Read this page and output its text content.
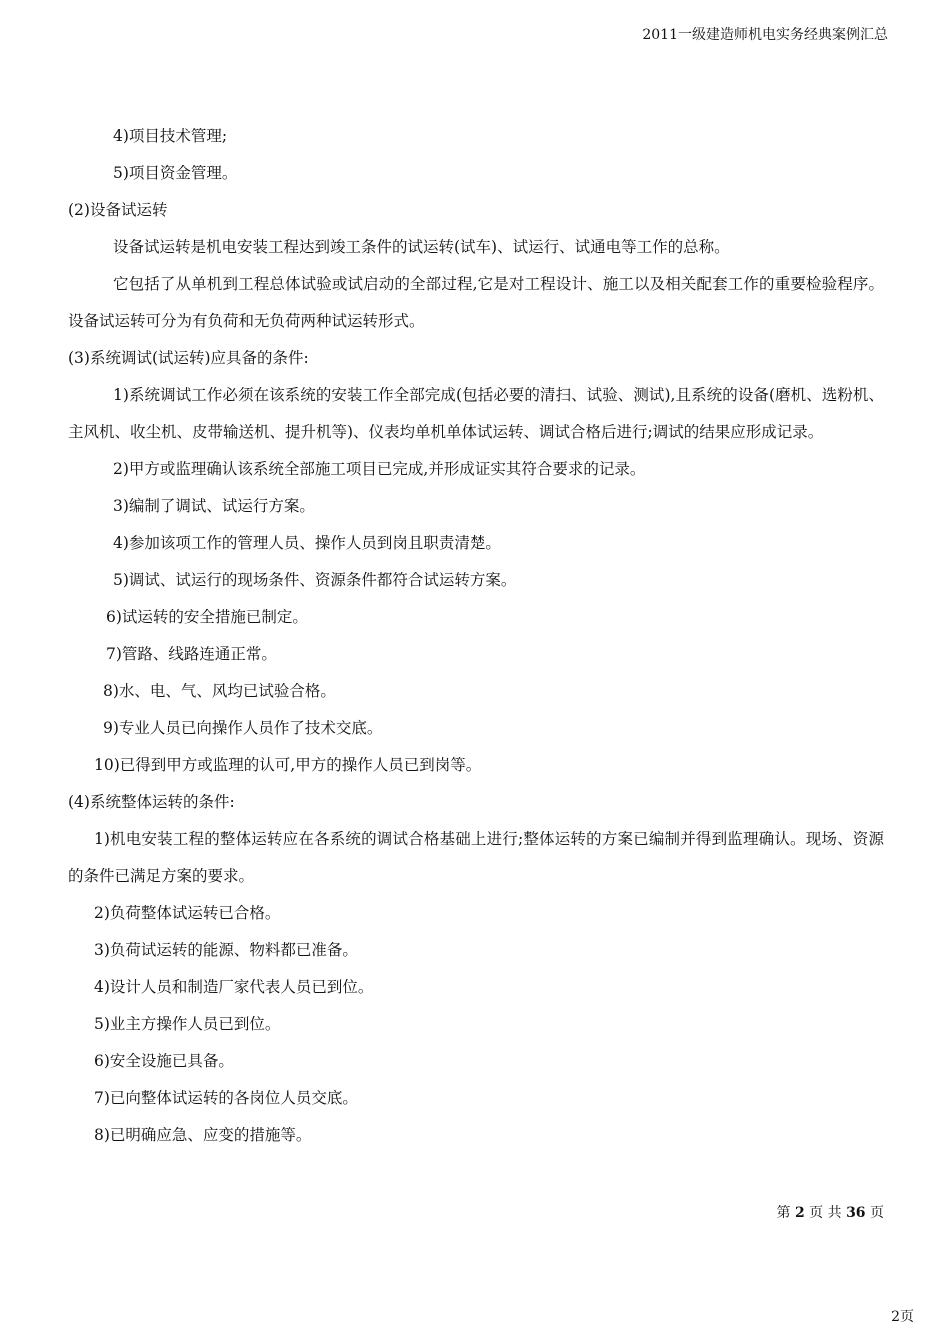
2011一级建造师机电实务经典案例汇总

4)项目技术管理;

5)项目资金管理。

(2)设备试运转

设备试运转是机电安装工程达到竣工条件的试运转(试车)、试运行、试通电等工作的总称。

它包括了从单机到工程总体试验或试启动的全部过程,它是对工程设计、施工以及相关配套工作的重要检验程序。设备试运转可分为有负荷和无负荷两种试运转形式。

(3)系统调试(试运转)应具备的条件:

1)系统调试工作必须在该系统的安装工作全部完成(包括必要的清扫、试验、测试),且系统的设备(磨机、选粉机、主风机、收尘机、皮带输送机、提升机等)、仪表均单机单体试运转、调试合格后进行;调试的结果应形成记录。

2)甲方或监理确认该系统全部施工项目已完成,并形成证实其符合要求的记录。

3)编制了调试、试运行方案。

4)参加该项工作的管理人员、操作人员到岗且职责清楚。

5)调试、试运行的现场条件、资源条件都符合试运转方案。

6)试运转的安全措施已制定。

7)管路、线路连通正常。

8)水、电、气、风均已试验合格。

9)专业人员已向操作人员作了技术交底。

10)已得到甲方或监理的认可,甲方的操作人员已到岗等。

(4)系统整体运转的条件:

1)机电安装工程的整体运转应在各系统的调试合格基础上进行;整体运转的方案已编制并得到监理确认。现场、资源的条件已满足方案的要求。

2)负荷整体试运转已合格。

3)负荷试运转的能源、物料都已准备。

4)设计人员和制造厂家代表人员已到位。

5)业主方操作人员已到位。

6)安全设施已具备。

7)已向整体试运转的各岗位人员交底。

8)已明确应急、应变的措施等。

第 2 页 共 36 页
2页
